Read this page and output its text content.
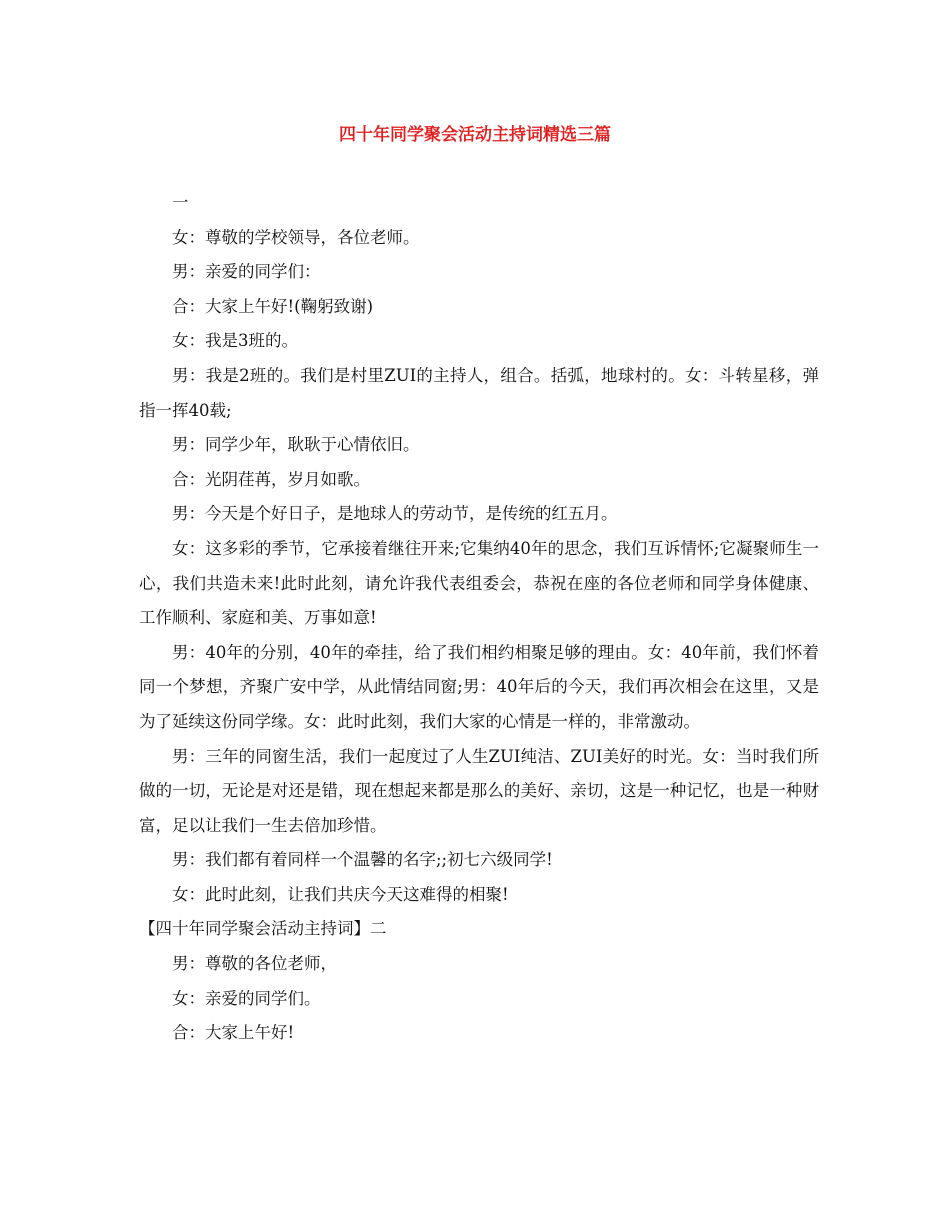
四十年同学聚会活动主持词精选三篇

一

女：尊敬的学校领导，各位老师。

男：亲爱的同学们：

合：大家上午好!(鞠躬致谢)

女：我是3班的。

男：我是2班的。我们是村里ZUI的主持人，组合。括弧，地球村的。女：斗转星移，弹指一挥40载;

男：同学少年，耿耿于心情依旧。

合：光阴荏苒，岁月如歌。

男：今天是个好日子，是地球人的劳动节，是传统的红五月。

女：这多彩的季节，它承接着继往开来;它集纳40年的思念，我们互诉情怀;它凝聚师生一心，我们共造未来!此时此刻，请允许我代表组委会，恭祝在座的各位老师和同学身体健康、工作顺利、家庭和美、万事如意!

男：40年的分别，40年的牵挂，给了我们相约相聚足够的理由。女：40年前，我们怀着同一个梦想，齐聚广安中学，从此情结同窗;男：40年后的今天，我们再次相会在这里，又是为了延续这份同学缘。女：此时此刻，我们大家的心情是一样的，非常激动。

男：三年的同窗生活，我们一起度过了人生ZUI纯洁、ZUI美好的时光。女：当时我们所做的一切，无论是对还是错，现在想起来都是那么的美好、亲切，这是一种记忆，也是一种财富，足以让我们一生去倍加珍惜。

男：我们都有着同样一个温馨的名字;;初七六级同学!

女：此时此刻，让我们共庆今天这难得的相聚!

【四十年同学聚会活动主持词】二

男：尊敬的各位老师，

女：亲爱的同学们。

合：大家上午好!
